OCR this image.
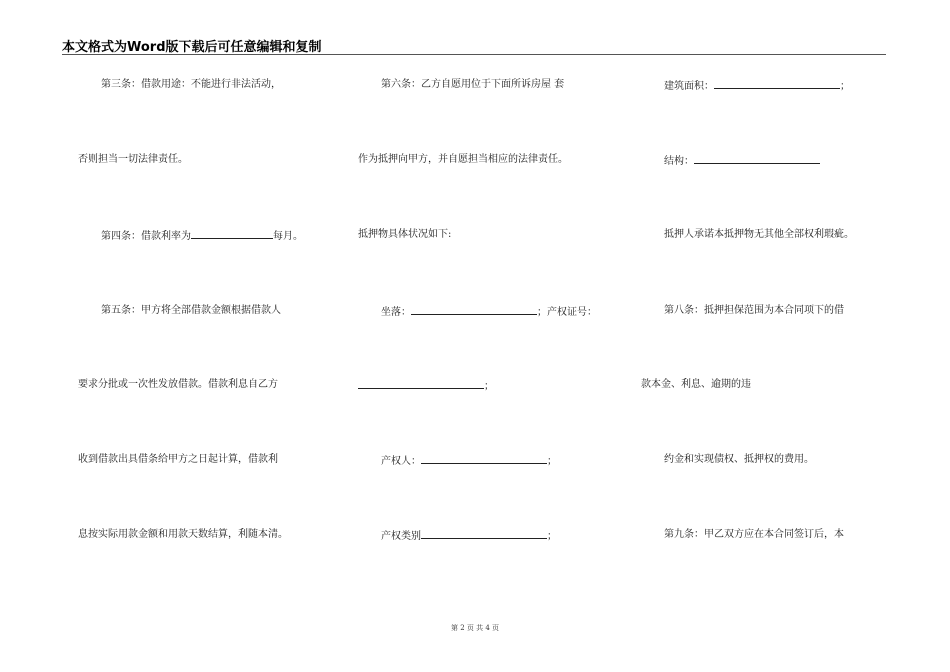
本文格式为Word版下载后可任意编辑和复制
第三条：借款用途：不能进行非法活动，
否则担当一切法律责任。
第四条：借款利率为	每月。
第五条：甲方将全部借款金额根据借款人
要求分批或一次性发放借款。借款利息自乙方
收到借款出具借条给甲方之日起计算，借款利
息按实际用款金额和用款天数结算，利随本清。
第六条：乙方自愿用位于下面所诉房屋 套
作为抵押向甲方，并自愿担当相应的法律责任。
抵押物具体状况如下:
坐落：	；产权证号：
；
产权人：	；
产权类别	；
建筑面积：	；
结构：
抵押人承诺本抵押物无其他全部权利瑕疵。
第八条：抵押担保范围为本合同项下的借
款本金、利息、逾期的违
约金和实现债权、抵押权的费用。
第九条：甲乙双方应在本合同签订后，本
第 2 页 共 4 页
